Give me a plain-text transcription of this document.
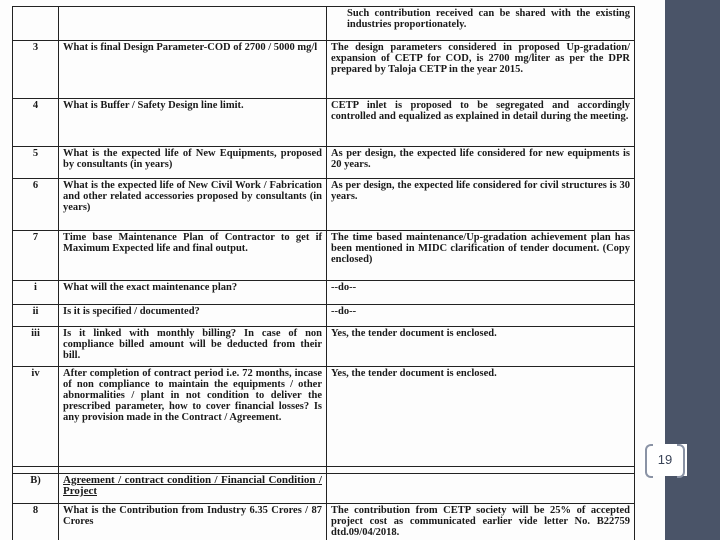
		Such contribution received can be shared with the existing industries proportionately.
3	What is final Design Parameter-COD of 2700 / 5000 mg/l	The design parameters considered in proposed Up-gradation/ expansion of CETP for COD, is 2700 mg/liter as per the DPR prepared by Taloja CETP in the year 2015.
4	What is Buffer / Safety Design line limit.	CETP inlet is proposed to be segregated and accordingly controlled and equalized as explained in detail during the meeting.
5	What is the expected life of New Equipments, proposed by consultants (in years)	As per design, the expected life considered for new equipments is 20 years.
6	What is the expected life of New Civil Work / Fabrication and other related accessories proposed by consultants (in years)	As per design, the expected life considered for civil structures is 30 years.
7	Time base Maintenance Plan of Contractor to get if Maximum Expected life and final output.	The time based maintenance/Up-gradation achievement plan has been mentioned in MIDC clarification of tender document. (Copy enclosed)
i	What will the exact maintenance plan?	--do--
ii	Is it is specified / documented?	--do--
iii	Is it linked with monthly billing? In case of non compliance billed amount will be deducted from their bill.	Yes, the tender document is enclosed.
iv	After completion of contract period i.e. 72 months, incase of non compliance to maintain the equipments / other abnormalities / plant in not condition to deliver the prescribed parameter, how to cover financial losses? Is any provision made in the Contract / Agreement.	Yes, the tender document is enclosed.

B)	Agreement / contract condition / Financial Condition / Project	
8	What is the Contribution from Industry 6.35 Crores / 87 Crores	The contribution from CETP society will be 25% of accepted project cost as communicated earlier vide letter No. B22759 dtd.09/04/2018.
19
